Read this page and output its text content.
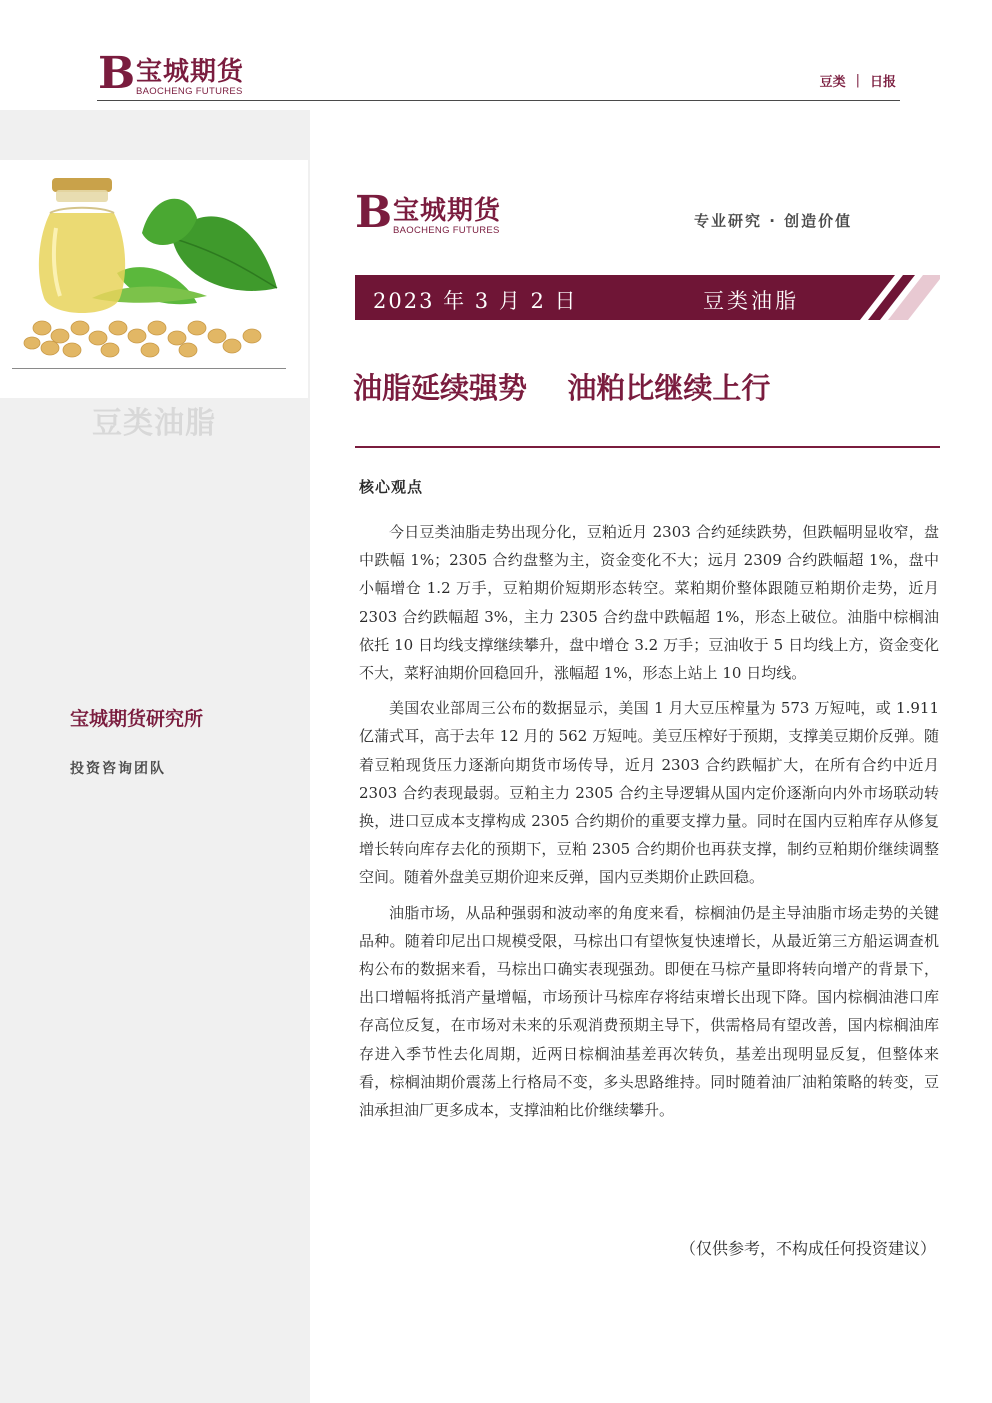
B 宝城期货
BAOCHENG FUTURES
豆类 | 日报
豆类油脂
宝城期货研究所
投资咨询团队
B 宝城期货
BAOCHENG FUTURES	专业研究 · 创造价值
2023 年 3 月 2 日	豆类油脂
油脂延续强势    油粕比继续上行
核心观点

今日豆类油脂走势出现分化，豆粕近月 2303 合约延续跌势，但跌幅明显收窄，盘中跌幅 1%；2305 合约盘整为主，资金变化不大；远月 2309 合约跌幅超 1%，盘中小幅增仓 1.2 万手，豆粕期价短期形态转空。菜粕期价整体跟随豆粕期价走势，近月 2303 合约跌幅超 3%，主力 2305 合约盘中跌幅超 1%，形态上破位。油脂中棕榈油依托 10 日均线支撑继续攀升，盘中增仓 3.2 万手；豆油收于 5 日均线上方，资金变化不大，菜籽油期价回稳回升，涨幅超 1%，形态上站上 10 日均线。

美国农业部周三公布的数据显示，美国 1 月大豆压榨量为 573 万短吨，或 1.911 亿蒲式耳，高于去年 12 月的 562 万短吨。美豆压榨好于预期，支撑美豆期价反弹。随着豆粕现货压力逐渐向期货市场传导，近月 2303 合约跌幅扩大，在所有合约中近月 2303 合约表现最弱。豆粕主力 2305 合约主导逻辑从国内定价逐渐向内外市场联动转换，进口豆成本支撑构成 2305 合约期价的重要支撑力量。同时在国内豆粕库存从修复增长转向库存去化的预期下，豆粕 2305 合约期价也再获支撑，制约豆粕期价继续调整空间。随着外盘美豆期价迎来反弹，国内豆类期价止跌回稳。

油脂市场，从品种强弱和波动率的角度来看，棕榈油仍是主导油脂市场走势的关键品种。随着印尼出口规模受限，马棕出口有望恢复快速增长，从最近第三方船运调查机构公布的数据来看，马棕出口确实表现强劲。即便在马棕产量即将转向增产的背景下，出口增幅将抵消产量增幅，市场预计马棕库存将结束增长出现下降。国内棕榈油港口库存高位反复，在市场对未来的乐观消费预期主导下，供需格局有望改善，国内棕榈油库存进入季节性去化周期，近两日棕榈油基差再次转负，基差出现明显反复，但整体来看，棕榈油期价震荡上行格局不变，多头思路维持。同时随着油厂油粕策略的转变，豆油承担油厂更多成本，支撑油粕比价继续攀升。

（仅供参考，不构成任何投资建议）
